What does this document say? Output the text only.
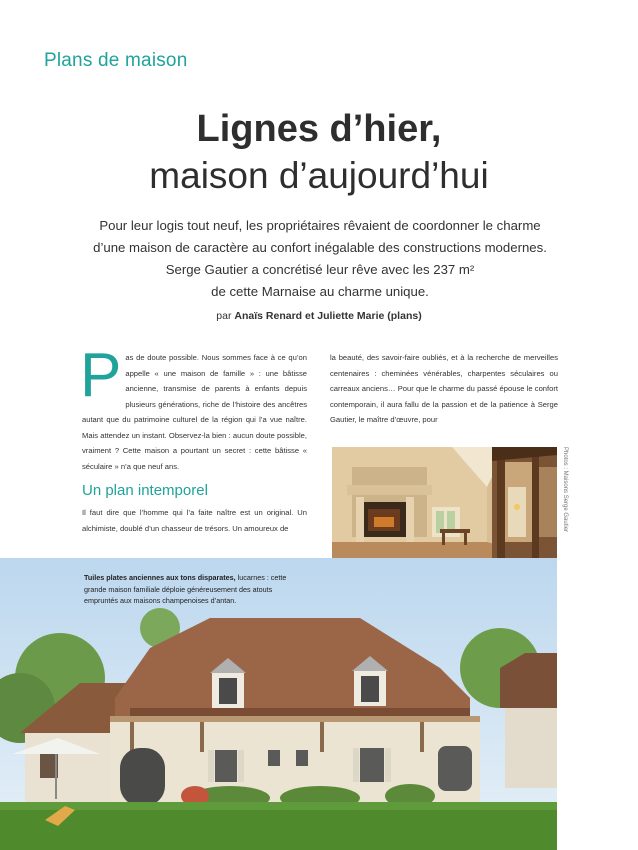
Plans de maison
Lignes d’hier,
maison d’aujourd’hui
Pour leur logis tout neuf, les propriétaires rêvaient de coordonner le charme
d’une maison de caractère au confort inégalable des constructions modernes.
Serge Gautier a concrétisé leur rêve avec les 237 m²
de cette Marnaise au charme unique.
par Anaïs Renard et Juliette Marie (plans)
P as de doute possible. Nous sommes face à ce qu’on appelle « une maison de famille » : une bâtisse ancienne, transmise de parents à enfants depuis plusieurs générations, riche de l’histoire des ancêtres autant que du patrimoine culturel de la région qui l’a vue naître. Mais attendez un instant. Observez-la bien : aucun doute possible, vraiment ? Cette maison a pourtant un secret : cette bâtisse « séculaire » n’a que neuf ans.
Un plan intemporel
Il faut dire que l’homme qui l’a faite naître est un original. Un alchimiste, doublé d’un chasseur de trésors. Un amoureux de
la beauté, des savoir-faire oubliés, et à la recherche de merveilles centenaires : cheminées vénérables, charpentes séculaires ou carreaux anciens… Pour que le charme du passé épouse le confort contemporain, il aura fallu de la passion et de la patience à Serge Gautier, le maître d’œuvre, pour
Photos : Maisons Serge Gautier
Tuiles plates anciennes aux tons disparates, lucarnes : cette grande maison familiale déploie généreusement des atouts empruntés aux maisons champenoises d’antan.
